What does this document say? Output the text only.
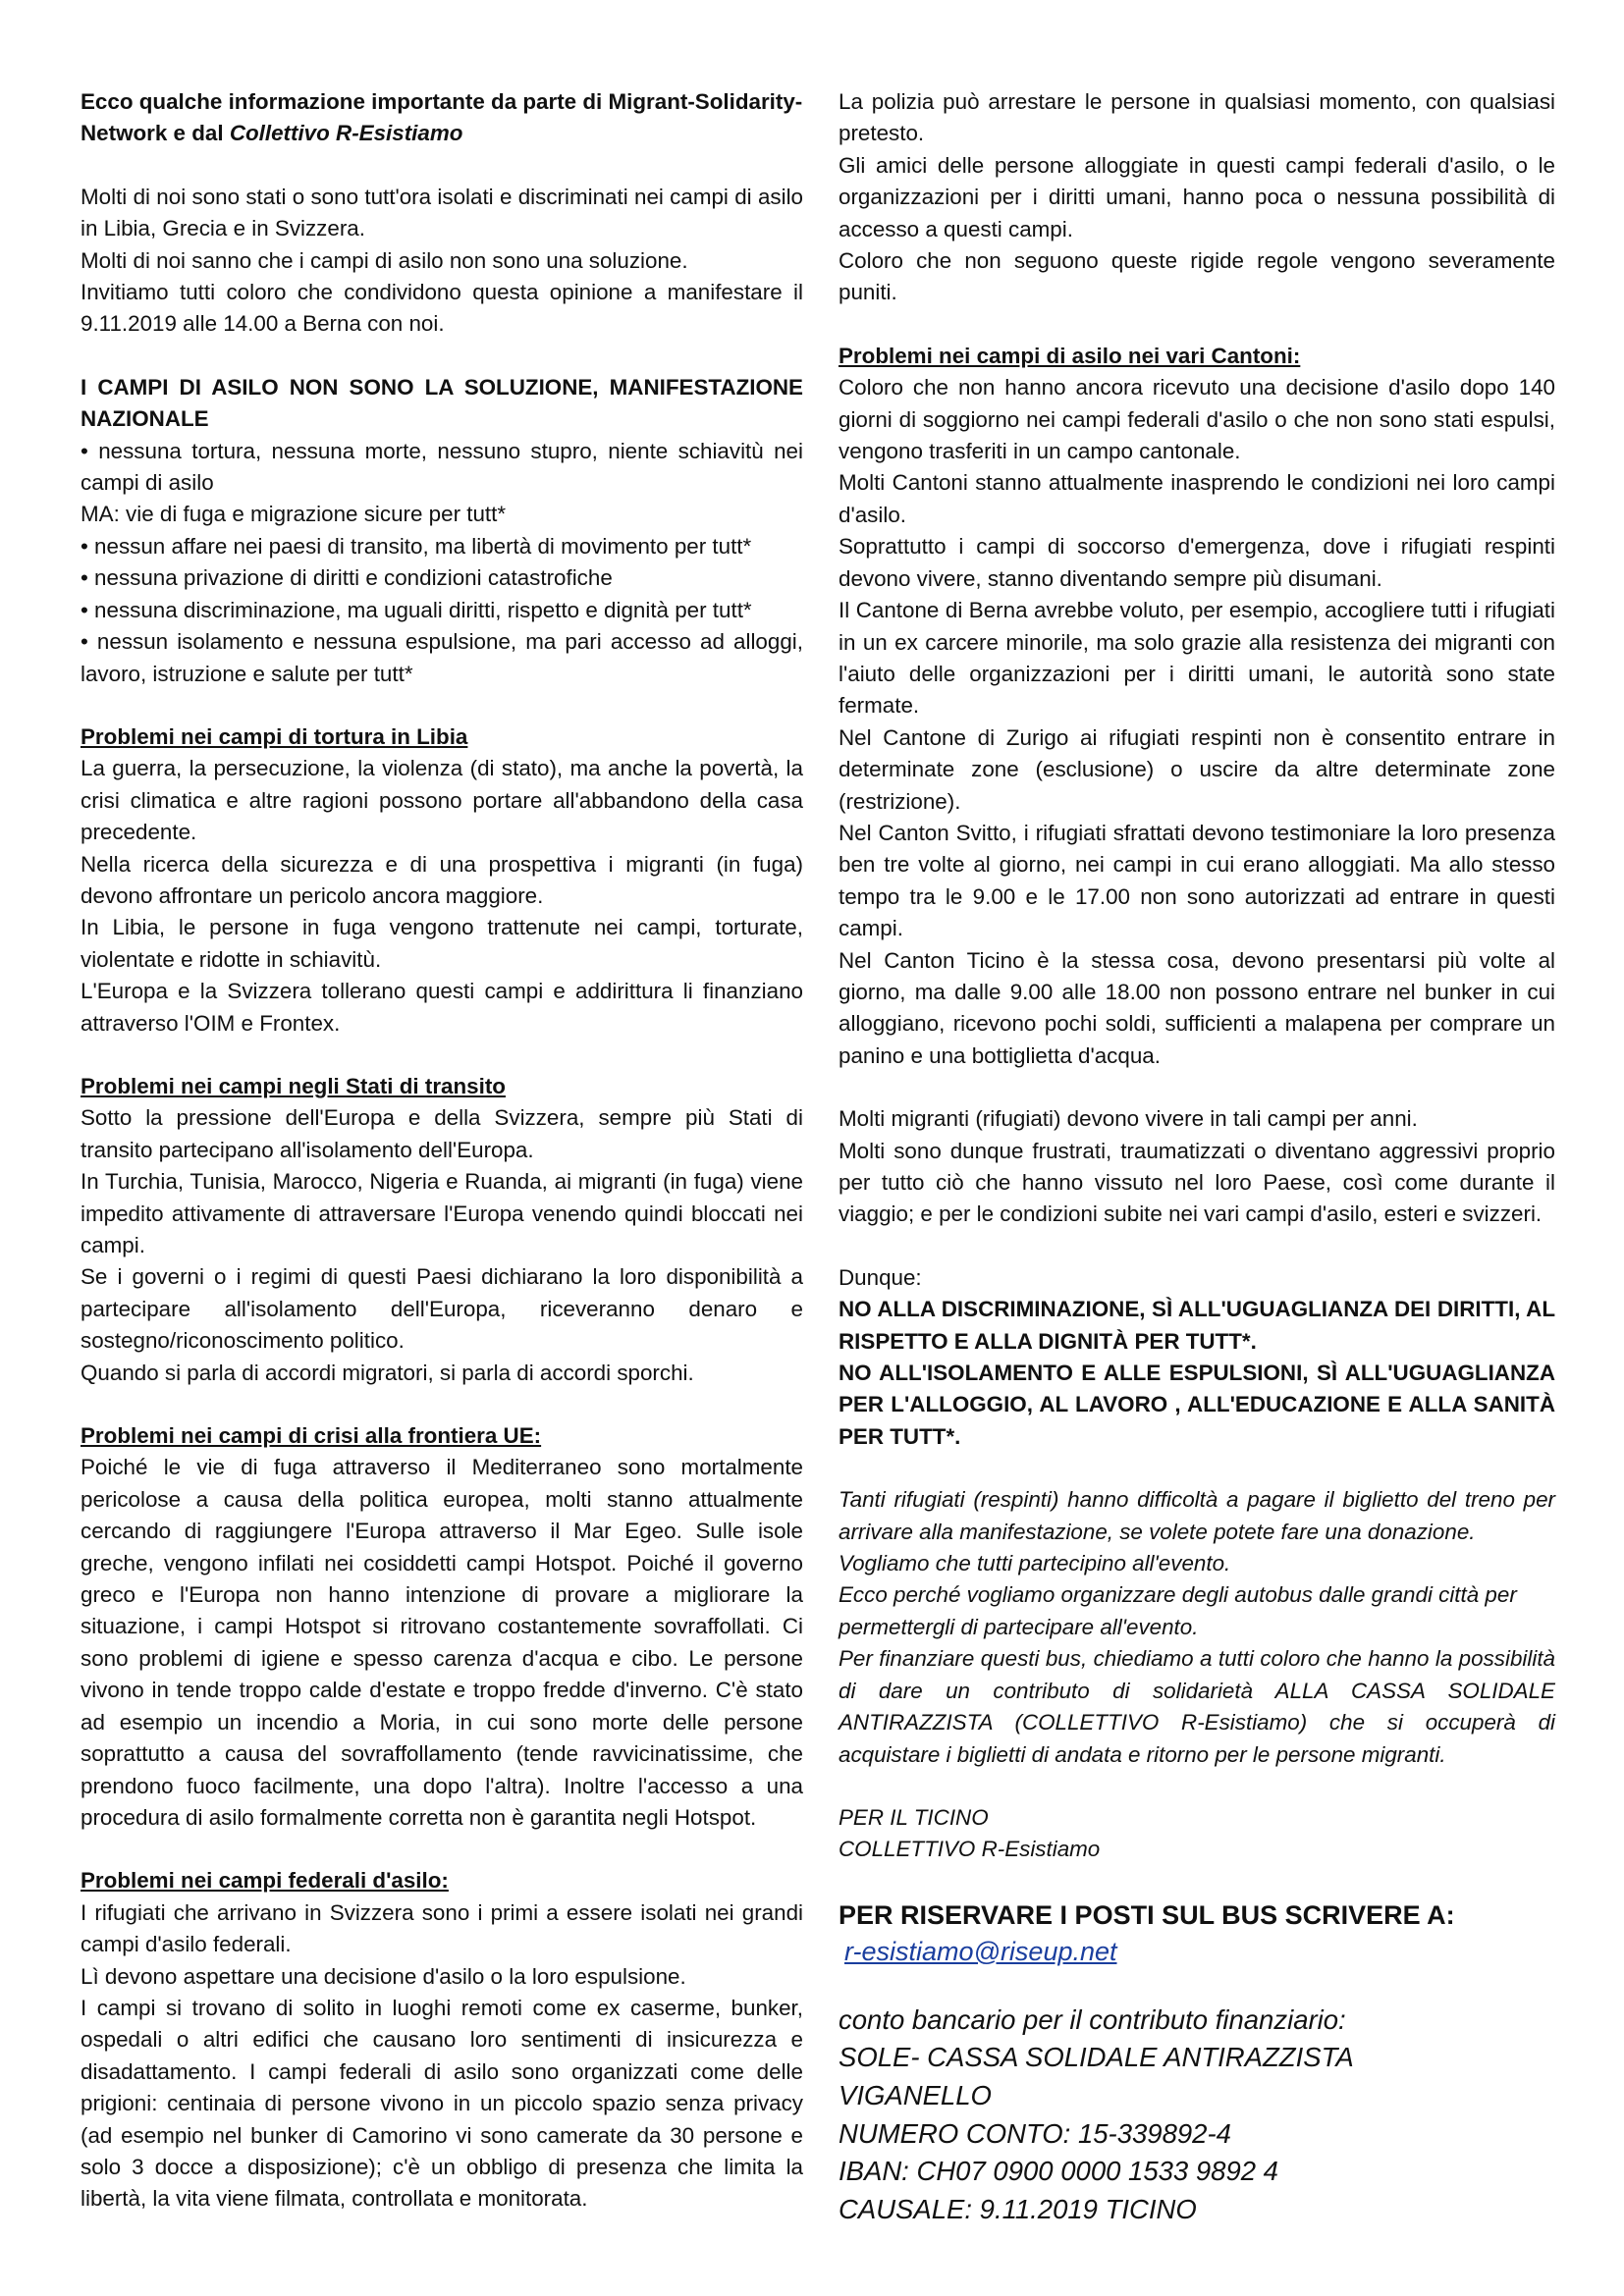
Ecco qualche informazione importante da parte di Migrant-Solidarity-Network e dal Collettivo R-Esistiamo

Molti di noi sono stati o sono tutt'ora isolati e discriminati nei campi di asilo in Libia, Grecia e in Svizzera.

Molti di noi sanno che i campi di asilo non sono una soluzione.

Invitiamo tutti coloro che condividono questa opinione a manifestare il 9.11.2019 alle 14.00 a Berna con noi.

I CAMPI DI ASILO NON SONO LA SOLUZIONE, MANIFESTAZIONE NAZIONALE

• nessuna tortura, nessuna morte, nessuno stupro, niente schiavitù nei campi di asilo

MA: vie di fuga e migrazione sicure per tutt*

• nessun affare nei paesi di transito, ma libertà di movimento per tutt*

• nessuna privazione di diritti e condizioni catastrofiche

• nessuna discriminazione, ma uguali diritti, rispetto e dignità per tutt*

• nessun isolamento e nessuna espulsione, ma pari accesso ad alloggi, lavoro, istruzione e salute per tutt*

Problemi nei campi di tortura in Libia

La guerra, la persecuzione, la violenza (di stato), ma anche la povertà, la crisi climatica e altre ragioni possono portare all'abbandono della casa precedente.

Nella ricerca della sicurezza e di una prospettiva i migranti (in fuga) devono affrontare un pericolo ancora maggiore.

In Libia, le persone in fuga vengono trattenute nei campi, torturate, violentate e ridotte in schiavitù.

L'Europa e la Svizzera tollerano questi campi e addirittura li finanziano attraverso l'OIM e Frontex.

Problemi nei campi negli Stati di transito

Sotto la pressione dell'Europa e della Svizzera, sempre più Stati di transito partecipano all'isolamento dell'Europa.

In Turchia, Tunisia, Marocco, Nigeria e Ruanda, ai migranti (in fuga) viene impedito attivamente di attraversare l'Europa venendo quindi bloccati nei campi.

Se i governi o i regimi di questi Paesi dichiarano la loro disponibilità a partecipare all'isolamento dell'Europa, riceveranno denaro e sostegno/riconoscimento politico.

Quando si parla di accordi migratori, si parla di accordi sporchi.

Problemi nei campi di crisi alla frontiera UE:

Poiché le vie di fuga attraverso il Mediterraneo sono mortalmente pericolose a causa della politica europea, molti stanno attualmente cercando di raggiungere l'Europa attraverso il Mar Egeo. Sulle isole greche, vengono infilati nei cosiddetti campi Hotspot. Poiché il governo greco e l'Europa non hanno intenzione di provare a migliorare la situazione, i campi Hotspot si ritrovano costantemente sovraffollati. Ci sono problemi di igiene e spesso carenza d'acqua e cibo. Le persone vivono in tende troppo calde d'estate e troppo fredde d'inverno. C'è stato ad esempio un incendio a Moria, in cui sono morte delle persone soprattutto a causa del sovraffollamento (tende ravvicinatissime, che prendono fuoco facilmente, una dopo l'altra). Inoltre l'accesso a una procedura di asilo formalmente corretta non è garantita negli Hotspot.

Problemi nei campi federali d'asilo:

I rifugiati che arrivano in Svizzera sono i primi a essere isolati nei grandi campi d'asilo federali.

Lì devono aspettare una decisione d'asilo o la loro espulsione.

I campi si trovano di solito in luoghi remoti come ex caserme, bunker, ospedali o altri edifici che causano loro sentimenti di insicurezza e disadattamento. I campi federali di asilo sono organizzati come delle prigioni: centinaia di persone vivono in un piccolo spazio senza privacy (ad esempio nel bunker di Camorino vi sono camerate da 30 persone e solo 3 docce a disposizione); c'è un obbligo di presenza che limita la libertà, la vita viene filmata, controllata e monitorata.

La polizia può arrestare le persone in qualsiasi momento, con qualsiasi pretesto.

Gli amici delle persone alloggiate in questi campi federali d'asilo, o le organizzazioni per i diritti umani, hanno poca o nessuna possibilità di accesso a questi campi.

Coloro che non seguono queste rigide regole vengono severamente puniti.

Problemi nei campi di asilo nei vari Cantoni:

Coloro che non hanno ancora ricevuto una decisione d'asilo dopo 140 giorni di soggiorno nei campi federali d'asilo o che non sono stati espulsi, vengono trasferiti in un campo cantonale.

Molti Cantoni stanno attualmente inasprendo le condizioni nei loro campi d'asilo.

Soprattutto i campi di soccorso d'emergenza, dove i rifugiati respinti devono vivere, stanno diventando sempre più disumani.

Il Cantone di Berna avrebbe voluto, per esempio, accogliere tutti i rifugiati in un ex carcere minorile, ma solo grazie alla resistenza dei migranti con l'aiuto delle organizzazioni per i diritti umani, le autorità sono state fermate.

Nel Cantone di Zurigo ai rifugiati respinti non è consentito entrare in determinate zone (esclusione) o uscire da altre determinate zone (restrizione).

Nel Canton Svitto, i rifugiati sfrattati devono testimoniare la loro presenza ben tre volte al giorno, nei campi in cui erano alloggiati. Ma allo stesso tempo tra le 9.00 e le 17.00 non sono autorizzati ad entrare in questi campi.

Nel Canton Ticino è la stessa cosa, devono presentarsi più volte al giorno, ma dalle 9.00 alle 18.00 non possono entrare nel bunker in cui alloggiano, ricevono pochi soldi, sufficienti a malapena per comprare un panino e una bottiglietta d'acqua.

Molti migranti (rifugiati) devono vivere in tali campi per anni.

Molti sono dunque frustrati, traumatizzati o diventano aggressivi proprio per tutto ciò che hanno vissuto nel loro Paese, così come durante il viaggio; e per le condizioni subite nei vari campi d'asilo, esteri e svizzeri.

Dunque:

NO ALLA DISCRIMINAZIONE, SÌ ALL'UGUAGLIANZA DEI DIRITTI, AL RISPETTO E ALLA DIGNITÀ PER TUTT*.

NO ALL'ISOLAMENTO E ALLE ESPULSIONI, SÌ ALL'UGUAGLIANZA PER L'ALLOGGIO, AL LAVORO , ALL'EDUCAZIONE E ALLA SANITÀ PER TUTT*.

Tanti rifugiati (respinti) hanno difficoltà a pagare il biglietto del treno per arrivare alla manifestazione, se volete potete fare una donazione.

Vogliamo che tutti partecipino all'evento.

Ecco perché vogliamo organizzare degli autobus dalle grandi città per permettergli di partecipare all'evento.

Per finanziare questi bus, chiediamo a tutti coloro che hanno la possibilità di dare un contributo di solidarietà ALLA CASSA SOLIDALE ANTIRAZZISTA (COLLETTIVO R-Esistiamo) che si occuperà di acquistare i biglietti di andata e ritorno per le persone migranti.

PER IL TICINO

COLLETTIVO R-Esistiamo

PER RISERVARE I POSTI SUL BUS SCRIVERE A:

r-esistiamo@riseup.net

conto bancario per il contributo finanziario:

SOLE- CASSA SOLIDALE ANTIRAZZISTA

VIGANELLO

NUMERO CONTO: 15-339892-4

IBAN: CH07 0900 0000 1533 9892 4

CAUSALE: 9.11.2019 TICINO
